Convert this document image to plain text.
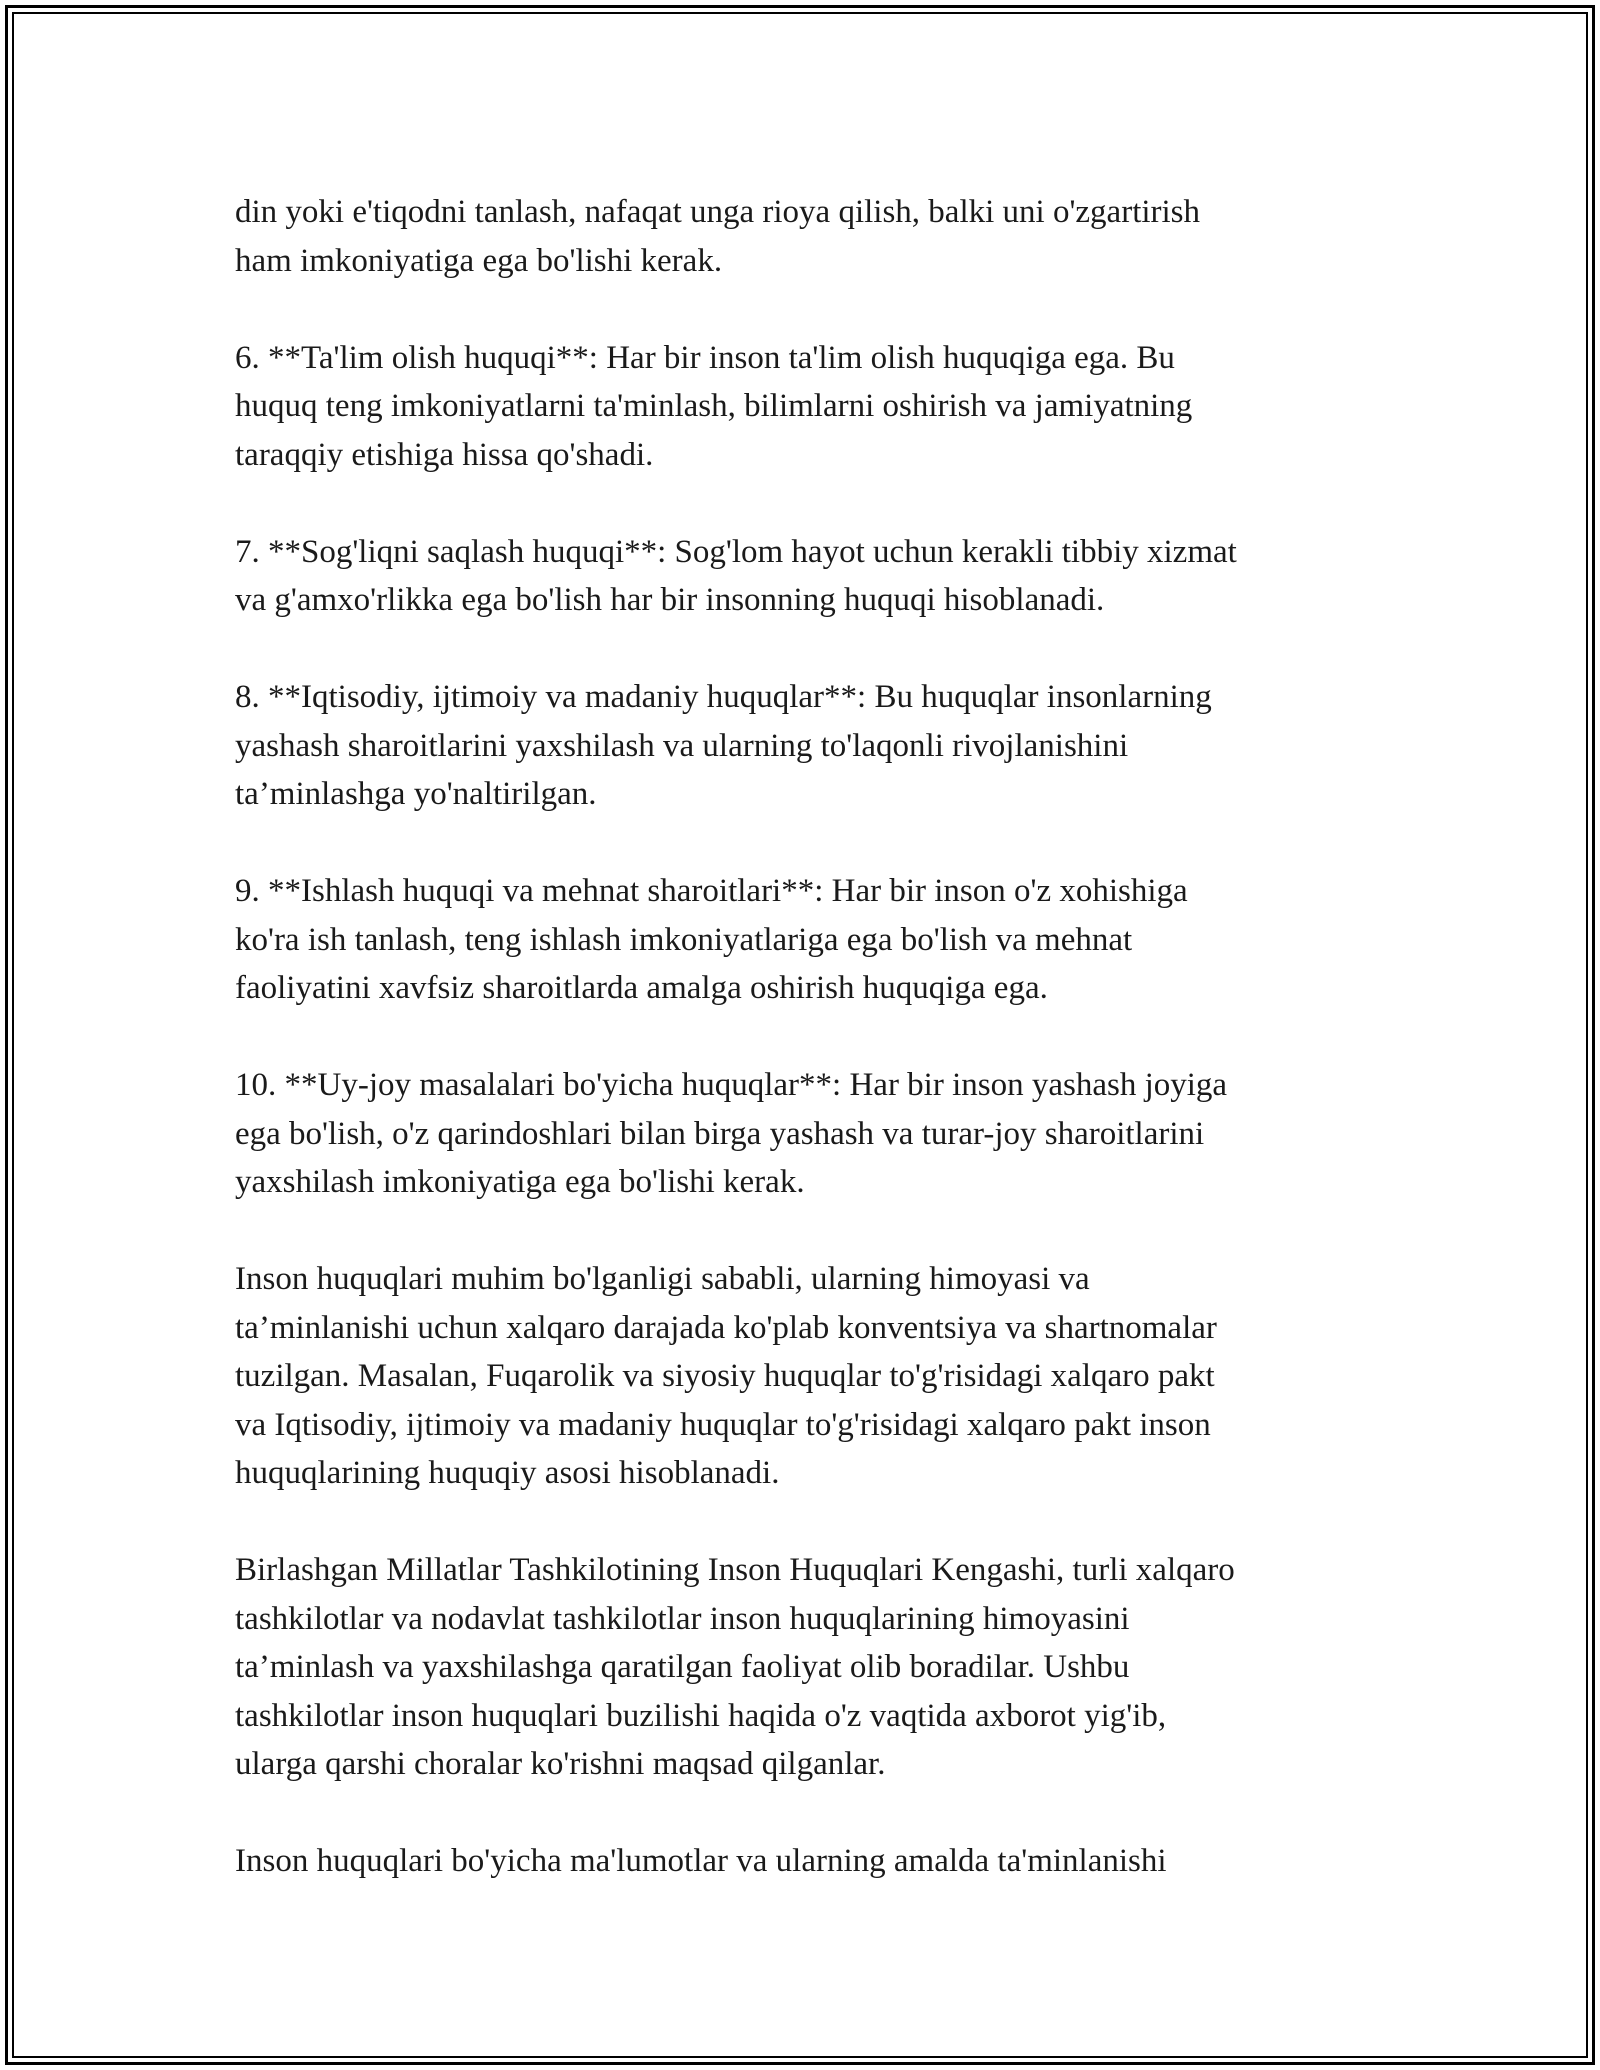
din yoki e'tiqodni tanlash, nafaqat unga rioya qilish, balki uni o'zgartirish
ham imkoniyatiga ega bo'lishi kerak.

6. **Ta'lim olish huquqi**: Har bir inson ta'lim olish huquqiga ega. Bu
huquq teng imkoniyatlarni ta'minlash, bilimlarni oshirish va jamiyatning
taraqqiy etishiga hissa qo'shadi.

7. **Sog'liqni saqlash huquqi**: Sog'lom hayot uchun kerakli tibbiy xizmat
va g'amxo'rlikka ega bo'lish har bir insonning huquqi hisoblanadi.

8. **Iqtisodiy, ijtimoiy va madaniy huquqlar**: Bu huquqlar insonlarning
yashash sharoitlarini yaxshilash va ularning to'laqonli rivojlanishini
ta’minlashga yo'naltirilgan.

9. **Ishlash huquqi va mehnat sharoitlari**: Har bir inson o'z xohishiga
ko'ra ish tanlash, teng ishlash imkoniyatlariga ega bo'lish va mehnat
faoliyatini xavfsiz sharoitlarda amalga oshirish huquqiga ega.

10. **Uy-joy masalalari bo'yicha huquqlar**: Har bir inson yashash joyiga
ega bo'lish, o'z qarindoshlari bilan birga yashash va turar-joy sharoitlarini
yaxshilash imkoniyatiga ega bo'lishi kerak.

Inson huquqlari muhim bo'lganligi sababli, ularning himoyasi va
ta’minlanishi uchun xalqaro darajada ko'plab konventsiya va shartnomalar
tuzilgan. Masalan, Fuqarolik va siyosiy huquqlar to'g'risidagi xalqaro pakt
va Iqtisodiy, ijtimoiy va madaniy huquqlar to'g'risidagi xalqaro pakt inson
huquqlarining huquqiy asosi hisoblanadi.

Birlashgan Millatlar Tashkilotining Inson Huquqlari Kengashi, turli xalqaro
tashkilotlar va nodavlat tashkilotlar inson huquqlarining himoyasini
ta’minlash va yaxshilashga qaratilgan faoliyat olib boradilar. Ushbu
tashkilotlar inson huquqlari buzilishi haqida o'z vaqtida axborot yig'ib,
ularga qarshi choralar ko'rishni maqsad qilganlar.

Inson huquqlari bo'yicha ma'lumotlar va ularning amalda ta'minlanishi
